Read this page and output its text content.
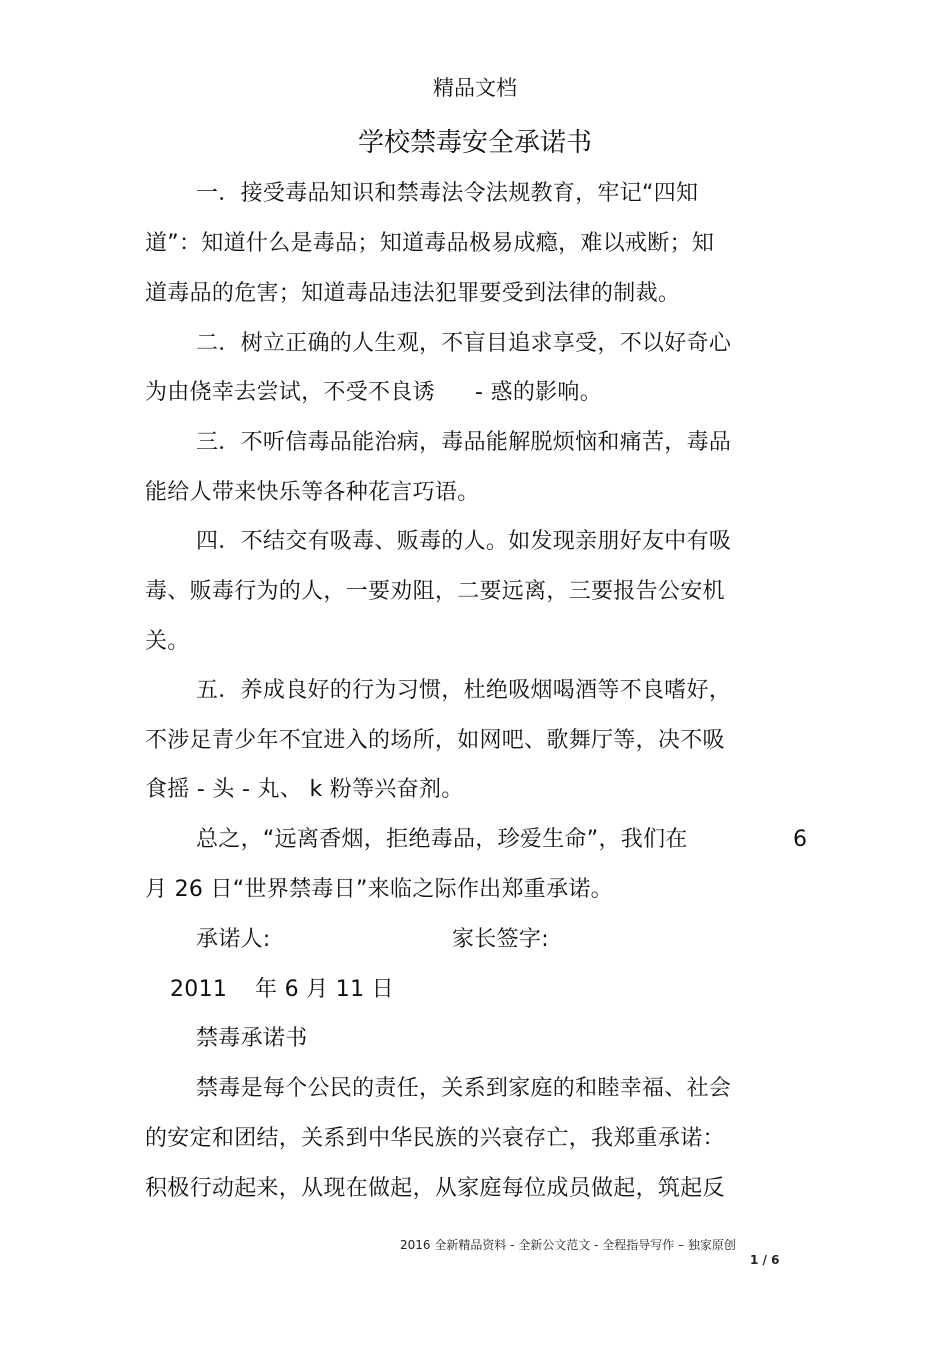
精品文档
学校禁毒安全承诺书
一．接受毒品知识和禁毒法令法规教育，牢记“四知
道”：知道什么是毒品；知道毒品极易成瘾，难以戒断；知
道毒品的危害；知道毒品违法犯罪要受到法律的制裁。
二．树立正确的人生观，不盲目追求享受，不以好奇心
为由侥幸去尝试，不受不良诱 - 惑的影响。
三．不听信毒品能治病，毒品能解脱烦恼和痛苦，毒品
能给人带来快乐等各种花言巧语。
四．不结交有吸毒、贩毒的人。如发现亲朋好友中有吸
毒、贩毒行为的人，一要劝阻，二要远离，三要报告公安机
关。
五．养成良好的行为习惯，杜绝吸烟喝酒等不良嗜好，
不涉足青少年不宜进入的场所，如网吧、歌舞厅等，决不吸
食摇 - 头 - 丸、 k 粉等兴奋剂。
总之，“远离香烟，拒绝毒品，珍爱生命”，我们在	6
月 26 日“世界禁毒日”来临之际作出郑重承诺。
承诺人:	家长签字:
2011 年 6 月 11 日
禁毒承诺书
禁毒是每个公民的责任，关系到家庭的和睦幸福、社会
的安定和团结，关系到中华民族的兴衰存亡，我郑重承诺：
积极行动起来，从现在做起，从家庭每位成员做起，筑起反
2016 全新精品资料 - 全新公文范文 - 全程指导写作 – 独家原创
1 / 6
